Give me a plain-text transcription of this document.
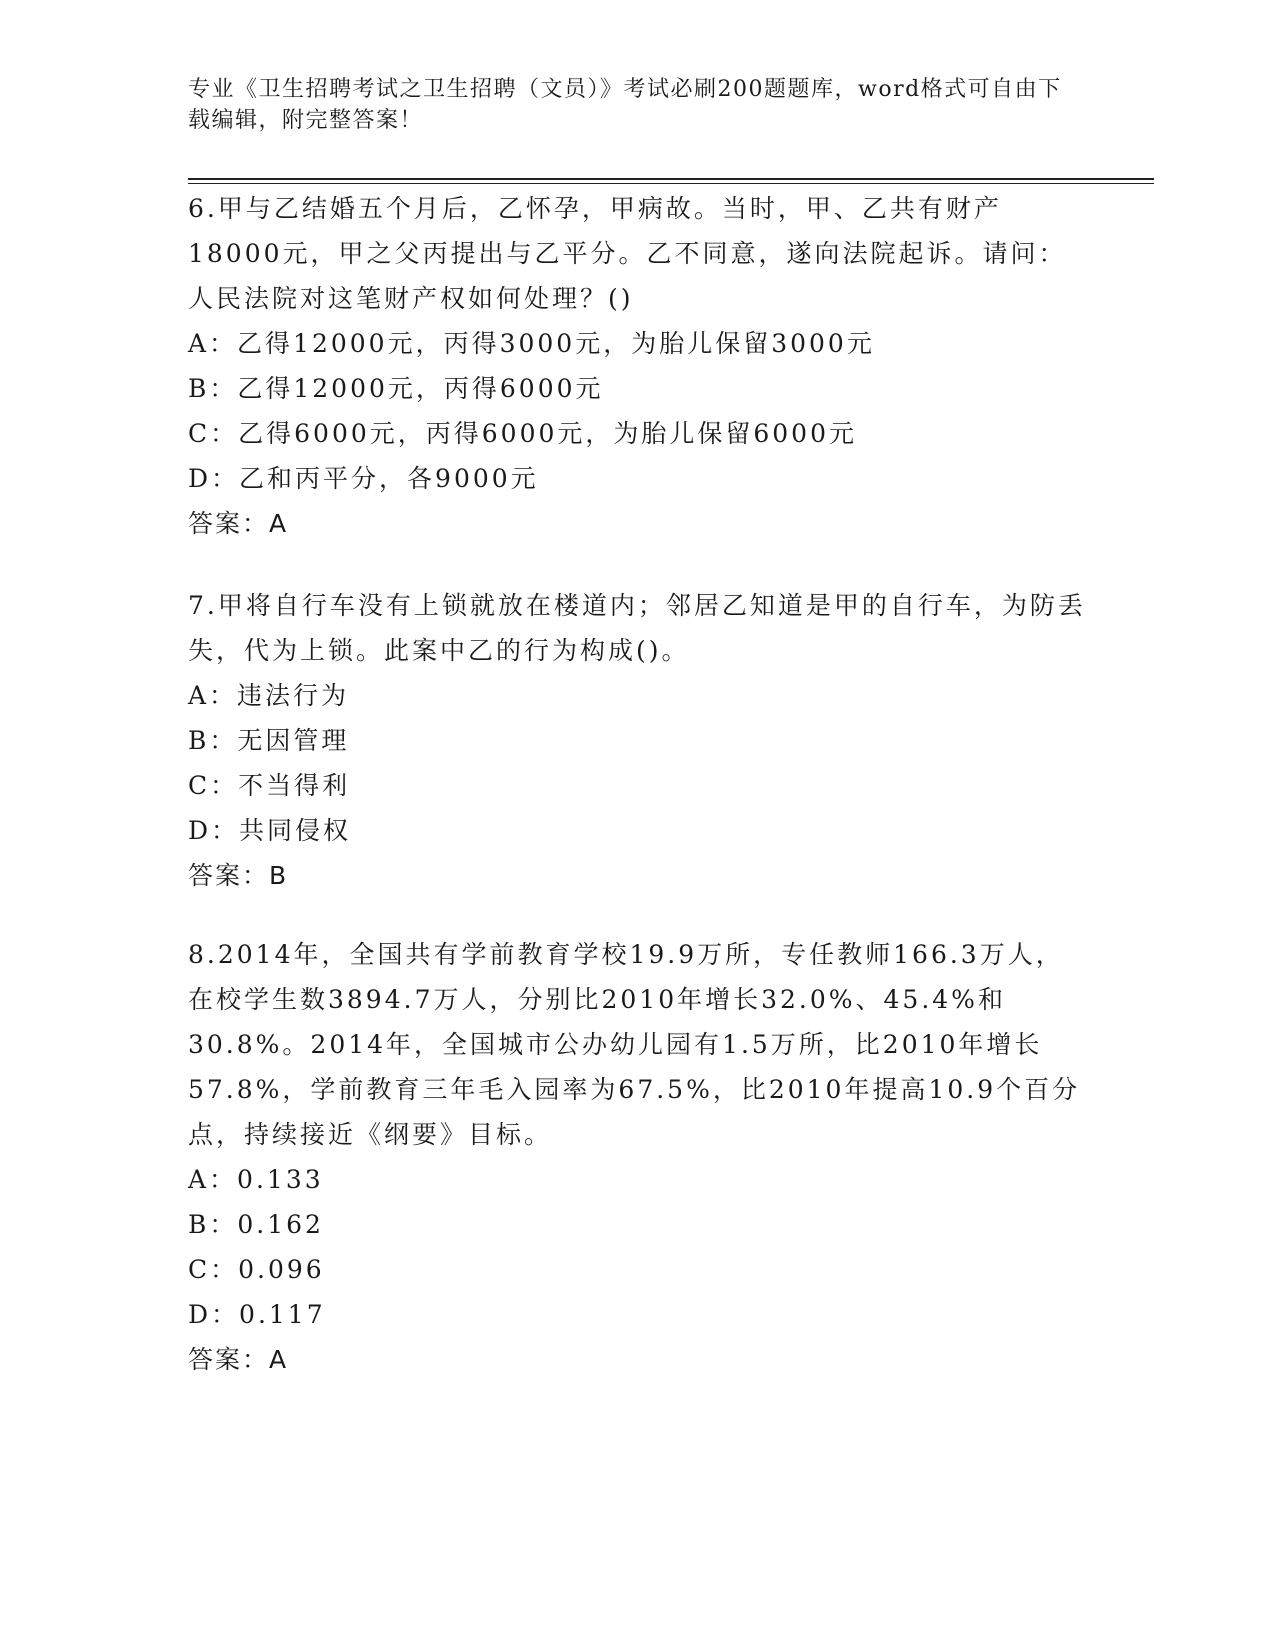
专业《卫生招聘考试之卫生招聘（文员）》考试必刷200题题库，word格式可自由下载编辑，附完整答案！

6.甲与乙结婚五个月后，乙怀孕，甲病故。当时，甲、乙共有财产18000元，甲之父丙提出与乙平分。乙不同意，遂向法院起诉。请问：人民法院对这笔财产权如何处理？()

A：乙得12000元，丙得3000元，为胎儿保留3000元

B：乙得12000元，丙得6000元

C：乙得6000元，丙得6000元，为胎儿保留6000元

D：乙和丙平分，各9000元

答案：A

7.甲将自行车没有上锁就放在楼道内；邻居乙知道是甲的自行车，为防丢失，代为上锁。此案中乙的行为构成()。

A：违法行为

B：无因管理

C：不当得利

D：共同侵权

答案：B

8.2014年，全国共有学前教育学校19.9万所，专任教师166.3万人，在校学生数3894.7万人，分别比2010年增长32.0%、45.4%和30.8%。2014年，全国城市公办幼儿园有1.5万所，比2010年增长57.8%，学前教育三年毛入园率为67.5%，比2010年提高10.9个百分点，持续接近《纲要》目标。

A：0.133

B：0.162

C：0.096

D：0.117

答案：A
